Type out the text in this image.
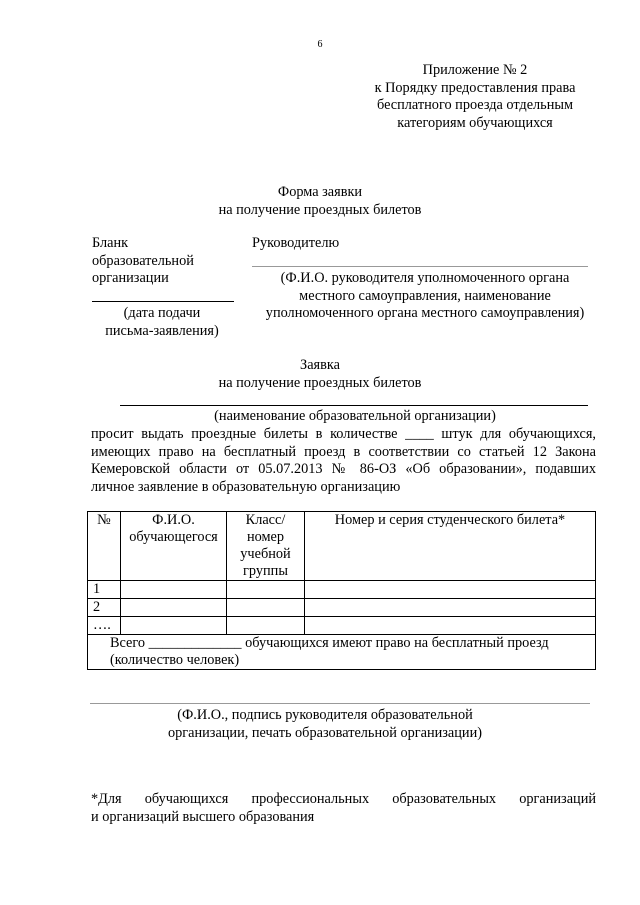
6
Приложение № 2
к Порядку предоставления права
бесплатного проезда отдельным
категориям обучающихся
Форма заявки
на получение проездных билетов
Бланк
образовательной
организации
Руководителю
(Ф.И.О. руководителя уполномоченного органа
местного самоуправления, наименование
уполномоченного органа местного самоуправления)
(дата подачи
письма-заявления)
Заявка
на получение проездных билетов
(наименование образовательной организации)
просит выдать проездные билеты в количестве ____ штук для обучающихся,
имеющих право на бесплатный проезд в соответствии со статьей 12 Закона
Кемеровской области от 05.07.2013 № 86-ОЗ «Об образовании», подавших
личное заявление в образовательную организацию
№	Ф.И.О. обучающегося	Класс/
номер
учебной
группы	Номер и серия студенческого билета*
1			
2			
….			

Всего _____________ обучающихся имеют право на бесплатный проезд
(количество человек)			
(Ф.И.О., подпись руководителя образовательной
организации, печать образовательной организации)
*Для обучающихся профессиональных образовательных организаций
и организаций высшего образования
